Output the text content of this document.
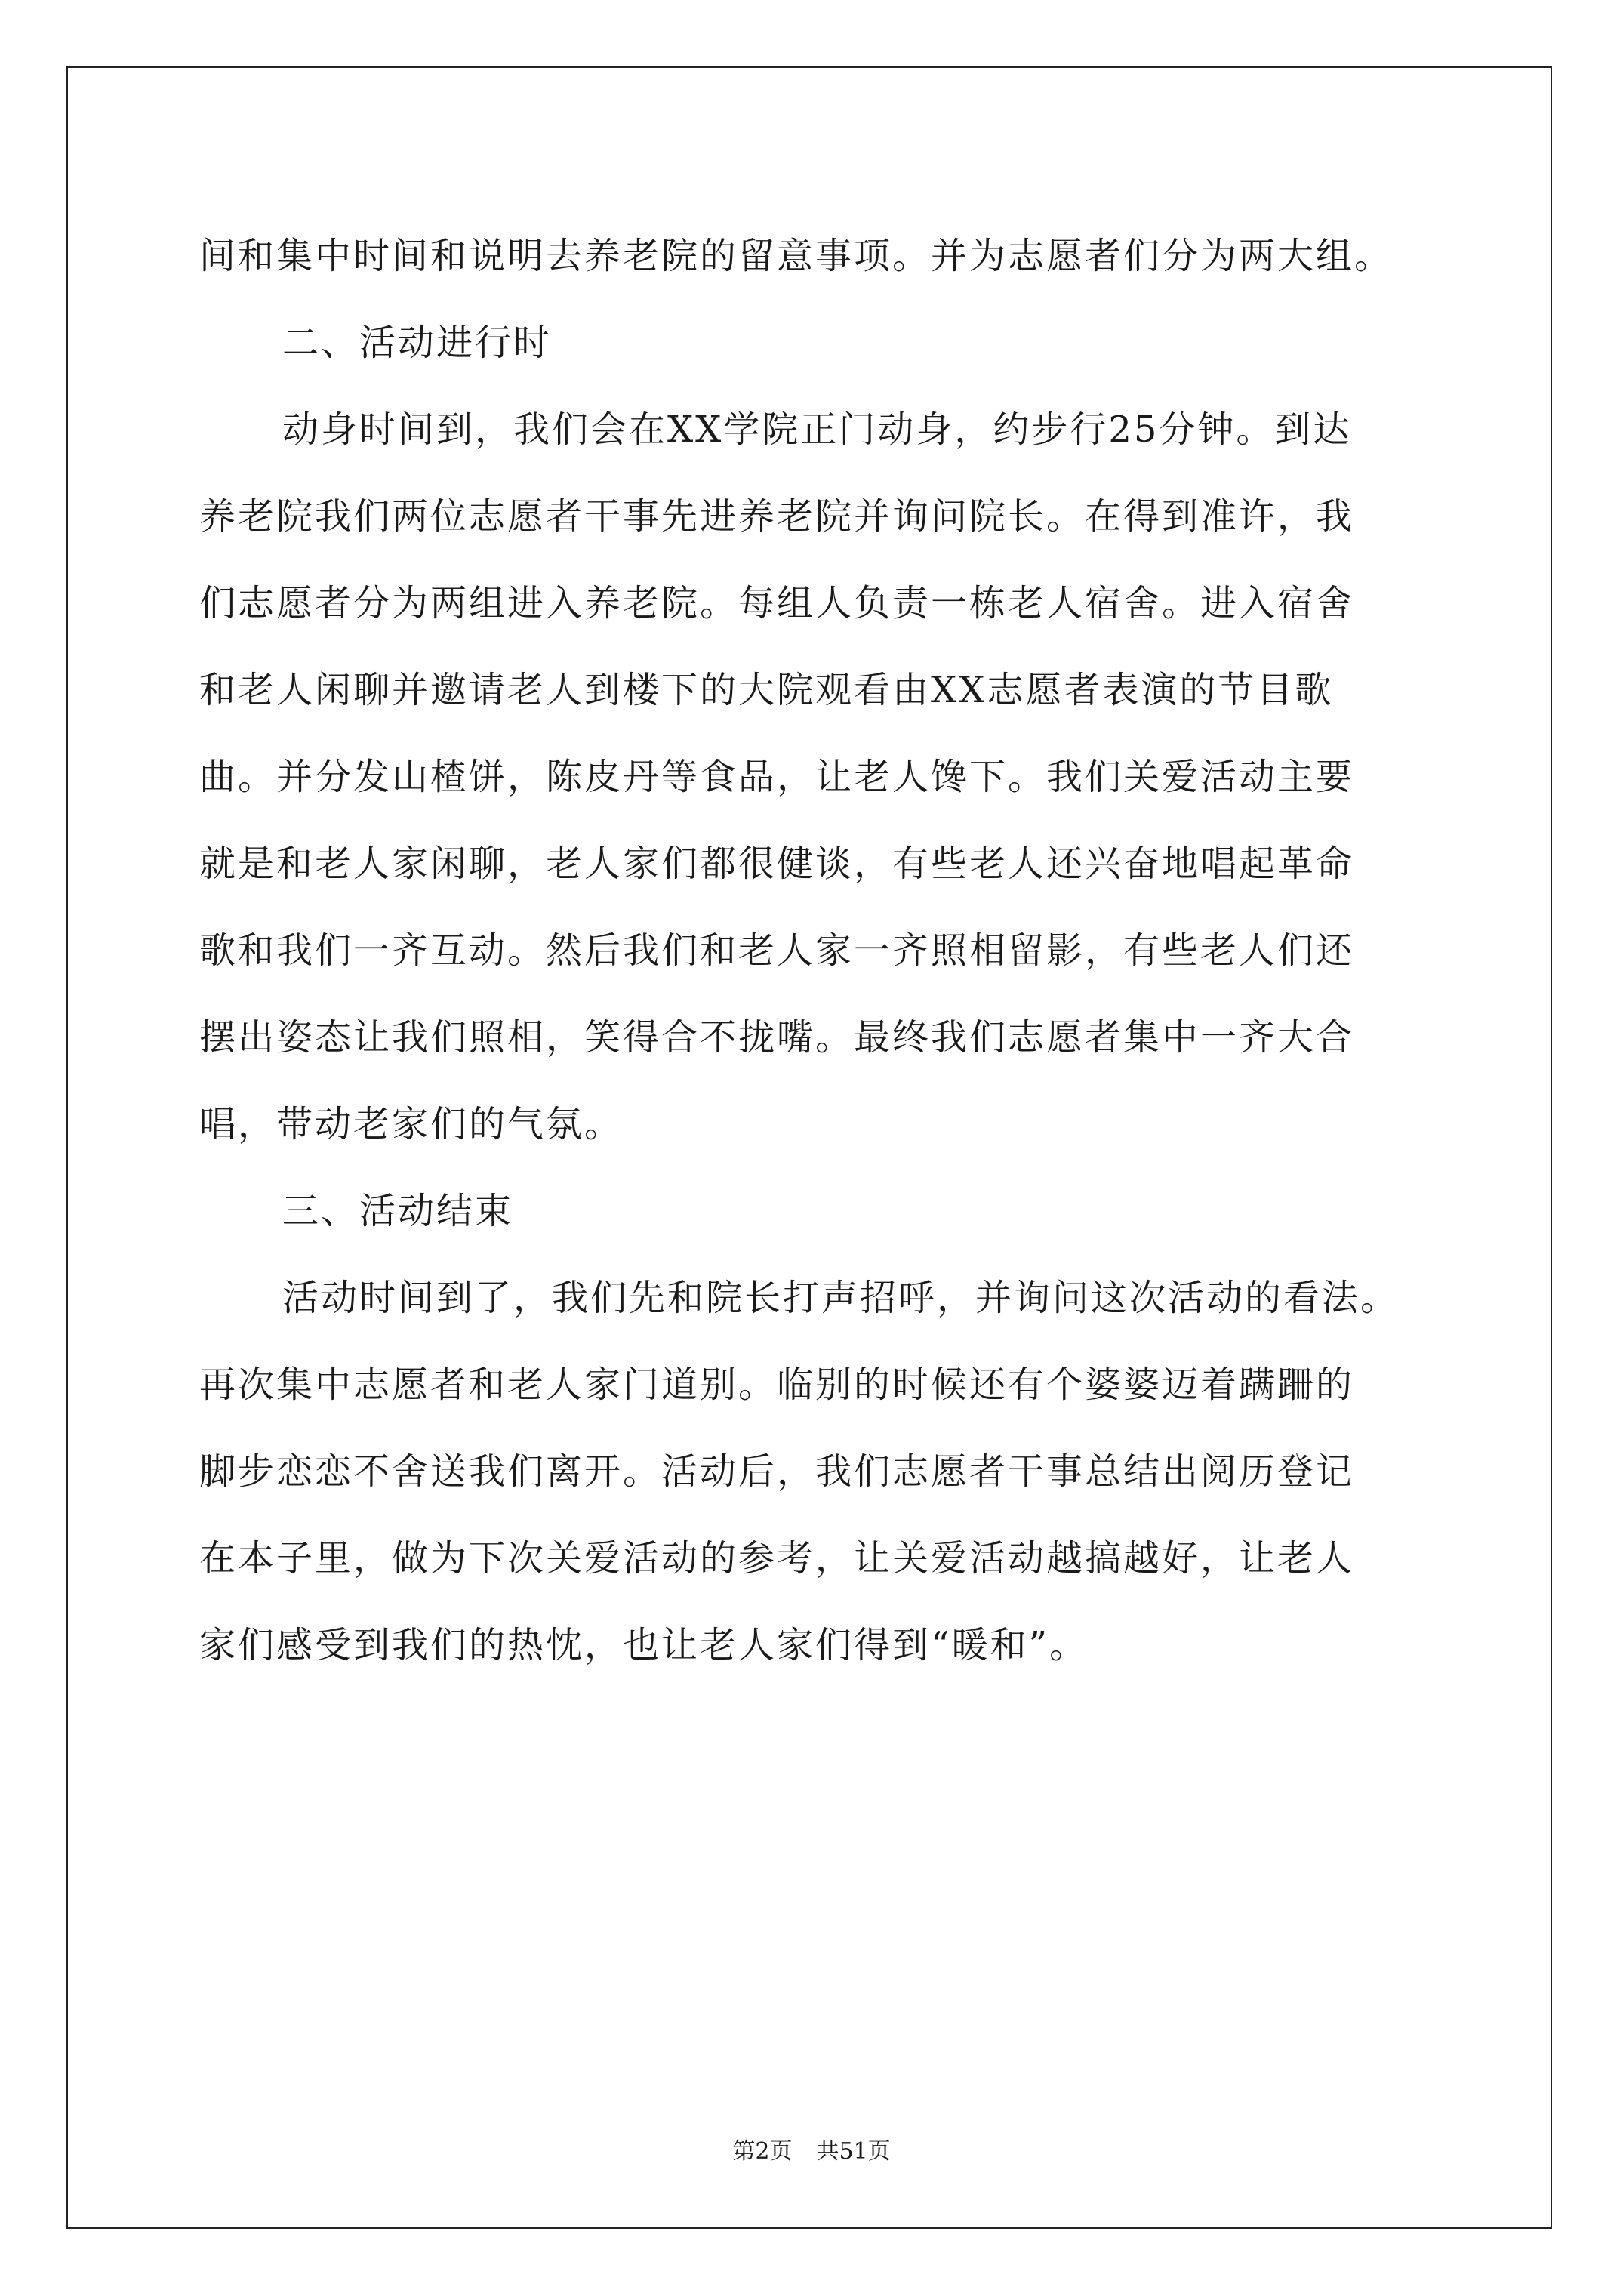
间和集中时间和说明去养老院的留意事项。并为志愿者们分为两大组。

二、活动进行时

动身时间到，我们会在XX学院正门动身，约步行25分钟。到达

养老院我们两位志愿者干事先进养老院并询问院长。在得到准许，我

们志愿者分为两组进入养老院。每组人负责一栋老人宿舍。进入宿舍

和老人闲聊并邀请老人到楼下的大院观看由XX志愿者表演的节目歌

曲。并分发山楂饼，陈皮丹等食品，让老人馋下。我们关爱活动主要

就是和老人家闲聊，老人家们都很健谈，有些老人还兴奋地唱起革命

歌和我们一齐互动。然后我们和老人家一齐照相留影，有些老人们还

摆出姿态让我们照相，笑得合不拢嘴。最终我们志愿者集中一齐大合

唱，带动老家们的气氛。

三、活动结束

活动时间到了，我们先和院长打声招呼，并询问这次活动的看法。

再次集中志愿者和老人家门道别。临别的时候还有个婆婆迈着蹒跚的

脚步恋恋不舍送我们离开。活动后，我们志愿者干事总结出阅历登记

在本子里，做为下次关爱活动的参考，让关爱活动越搞越好，让老人

家们感受到我们的热忱，也让老人家们得到“暖和”。

第2页 共51页
